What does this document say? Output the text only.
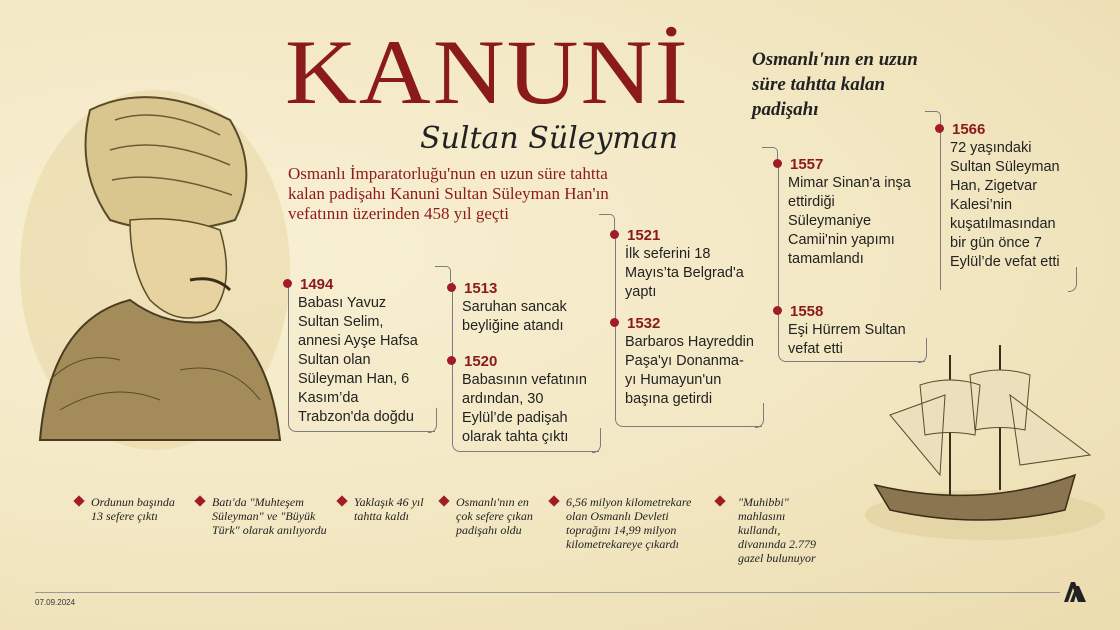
KANUNİ
Sultan Süleyman
Osmanlı'nın en uzun süre tahtta kalan padişahı
Osmanlı İmparatorluğu'nun en uzun süre tahtta kalan padişahı Kanuni Sultan Süleyman Han'ın vefatının üzerinden 458 yıl geçti
1494
Babası Yavuz Sultan Selim, annesi Ayşe Hafsa Sultan olan Süleyman Han, 6 Kasım’da Trabzon'da doğdu
1513
Saruhan sancak beyliğine atandı
1520
Babasının vefatının ardından, 30 Eylül’de padişah olarak tahta çıktı
1521
İlk seferini 18 Mayıs’ta Belgrad'a yaptı
1532
Barbaros Hayreddin Paşa'yı Donanma-yı Humayun'un başına getirdi
1557
Mimar Sinan'a inşa ettirdiği Süleymaniye Camii'nin yapımı tamamlandı
1558
Eşi Hürrem Sultan vefat etti
1566
72 yaşındaki Sultan Süleyman Han, Zigetvar Kalesi’nin kuşatılmasından bir gün önce 7 Eylül’de vefat etti
Ordunun başında 13 sefere çıktı
Batı'da "Muhteşem Süleyman" ve "Büyük Türk" olarak anılıyordu
Yaklaşık 46 yıl tahtta kaldı
Osmanlı'nın en çok sefere çıkan padişahı oldu
6,56 milyon kilometrekare olan Osmanlı Devleti toprağını 14,99 milyon kilometrekareye çıkardı
"Muhibbi" mahlasını kullandı, divanında 2.779 gazel bulunuyor
07.09.2024
